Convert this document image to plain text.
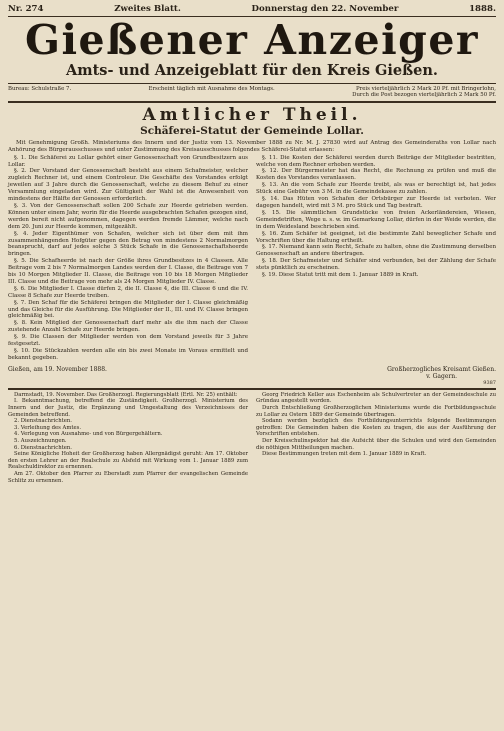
Nr. 274	Zweites Blatt.	Donnerstag den 22. November	1888.
Gießener Anzeiger
Amts- und Anzeigeblatt für den Kreis Gießen.
Bureau: Schulstraße 7.	Erscheint täglich mit Ausnahme des Montags.	Preis vierteljährlich 2 Mark 20 Pf. mit Bringerlohn,
Durch die Post bezogen vierteljährlich 2 Mark 50 Pf.
Amtlicher Theil.
Schäferei-Statut der Gemeinde Lollar.
Mit Genehmigung Großh. Ministeriums des Innern und der Justiz vom 13. November 1888 zu Nr. M. J. 27830 wird auf Antrag des Gemeinderaths von Lollar nach Anhörung des Bürgerausschusses und unter Zustimmung des Kreisausschusses folgendes Schäferei-Statut erlassen:

§. 1. Die Schäferei zu Lollar gehört einer Genossenschaft von Grundbesitzern aus Lollar.

§. 2. Der Vorstand der Genossenschaft besteht aus einem Schafmeister, welcher zugleich Rechner ist, und einem Controleur. Die Geschäfte des Vorstandes erfolgt jeweilen auf 3 Jahre durch die Genossenschaft, welche zu diesem Behuf zu einer Versammlung eingeladen wird. Zur Gültigkeit der Wahl ist die Anwesenheit von mindestens der Hälfte der Genossen erforderlich.

§. 3. Von der Genossenschaft sollen 200 Schafe zur Heerde getrieben werden. Können unter einem Jahr, worin für die Heerde ausgebrachten Schafen gezogen sind, werden bereit nicht aufgenommen, dagegen werden fremde Lämmer, welche nach dem 20. Juni zur Heerde kommen, mitgezählt.

§. 4. Jeder Eigenthümer von Schafen, welcher sich ist über dem mit ihm zusammenhängenden Hofgüter gegen den Betrag von mindestens 2 Normalmorgen beansprucht, darf auf jedes solche 3 Stück Schafe in die Genossenschaftsheerde bringen.

§. 5. Die Schafheerde ist nach der Größe ihres Grundbesitzes in 4 Classen. Alle Beitrage vom 2 bis 7 Normalmorgen Landes werden der I. Classe, die Beitrage von 7 bis 10 Morgen Mitglieder II. Classe, die Beitrage von 10 bis 18 Morgen Mitglieder III. Classe und die Beitrage von mehr als 24 Morgen Mitglieder IV. Classe.

§. 6. Die Mitglieder I. Classe dürfen 2, die II. Classe 4, die III. Classe 6 und die IV. Classe 8 Schafe zur Heerde treiben.

§. 7. Den Schaf für die Schäferei bringen die Mitglieder der I. Classe gleichmäßig und das Gleiche für die Ausführung. Die Mitglieder der II., III. und IV. Classe bringen gleichmäßig bei.

§. 8. Kein Mitglied der Genossenschaft darf mehr als die ihm nach der Classe zustehende Anzahl Schafe zur Heerde bringen.

§. 9. Die Classen der Mitglieder werden von dem Vorstand jeweils für 3 Jahre festgesetzt.

§. 10. Die Stückzahlen werden alle ein bis zwei Monate im Voraus ermittelt und bekannt gegeben.

§. 11. Die Kosten der Schäferei werden durch Beiträge der Mitglieder bestritten, welche von dem Rechner erhoben werden.

§. 12. Der Bürgermeister hat das Recht, die Rechnung zu prüfen und muß die Kosten des Vorstandes veranlassen.

§. 13. An die vom Schafe zur Heerde treibt, als was er berechtigt ist, hat jedes Stück eine Gebühr von 3 M. in die Gemeindekasse zu zahlen.

§. 14. Das Hüten von Schafen der Ortsbürger zur Heerde ist verboten. Wer dagegen handelt, wird mit 3 M. pro Stück und Tag bestraft.

§. 15. Die sämmtlichen Grundstücke von freien Ackerländereien, Wiesen, Gemeindetriften, Wege u. s. w. im Gemarkung Lollar, dürfen in der Weide werden, die in dem Weidesland beschrieben sind.

§. 16. Zum Schäfer ist geeignet, ist die bestimmte Zahl beweglicher Schafe und Vorschriften über die Haltung ertheilt.

§. 17. Niemand kann sein Recht, Schafe zu halten, ohne die Zustimmung derselben Genossenschaft an andere übertragen.

§. 18. Der Schafmeister und Schäfer sind verbunden, bei der Zählung der Schafe stets pünktlich zu erscheinen.

§. 19. Diese Statut tritt mit dem 1. Januar 1889 in Kraft.

Gießen, am 19. November 1888.	Großherzogliches Kreisamt Gießen.
v. Gagern.
9387

Darmstadt, 19. November. Das Großherzogl. Regierungsblatt (Ertl. Nr. 25) enthält:

I. Bekanntmachung, betreffend die Zuständigkeit. Großherzogl. Ministerium des Innern und der Justiz, die Ergänzung und Umgestaltung des Verzeichnisses der Gemeinden betreffend.

2. Dienstnachrichten.

3. Verleihung des Amtes.

4. Verlegung von Ausnahme- und von Bürgergehältern.

5. Auszeichnungen.

6. Dienstnachrichten.

Seine Königliche Hoheit der Großherzog haben Allergnädigst geruht: Am 17. Oktober den ersten Lehrer an der Realschule zu Alsfeld mit Wirkung vom 1. Januar 1889 zum Realschuldirektor zu ernennen.

Am 27. Oktober den Pfarrer zu Eberstadt zum Pfarrer der evangelischen Gemeinde Schlitz zu ernennen.

Georg Friedrich Keller aus Eschenheim als Schulvertreter an der Gemeindeschule zu Gründau angestellt worden.

Durch Entschließung Großherzoglichen Ministeriums wurde die Fortbildungsschule zu Lollar zu Ostern 1889 der Gemeinde übertragen.

Sodann werden bezüglich des Fortbildungsunterrichts folgende Bestimmungen getroffen: Die Gemeinden haben die Kosten zu tragen, die aus der Ausführung der Vorschriften entstehen.

Der Kreisschulinspektor hat die Aufsicht über die Schulen und wird den Gemeinden die nöthigen Mittheilungen machen.

Diese Bestimmungen treten mit dem 1. Januar 1889 in Kraft.
